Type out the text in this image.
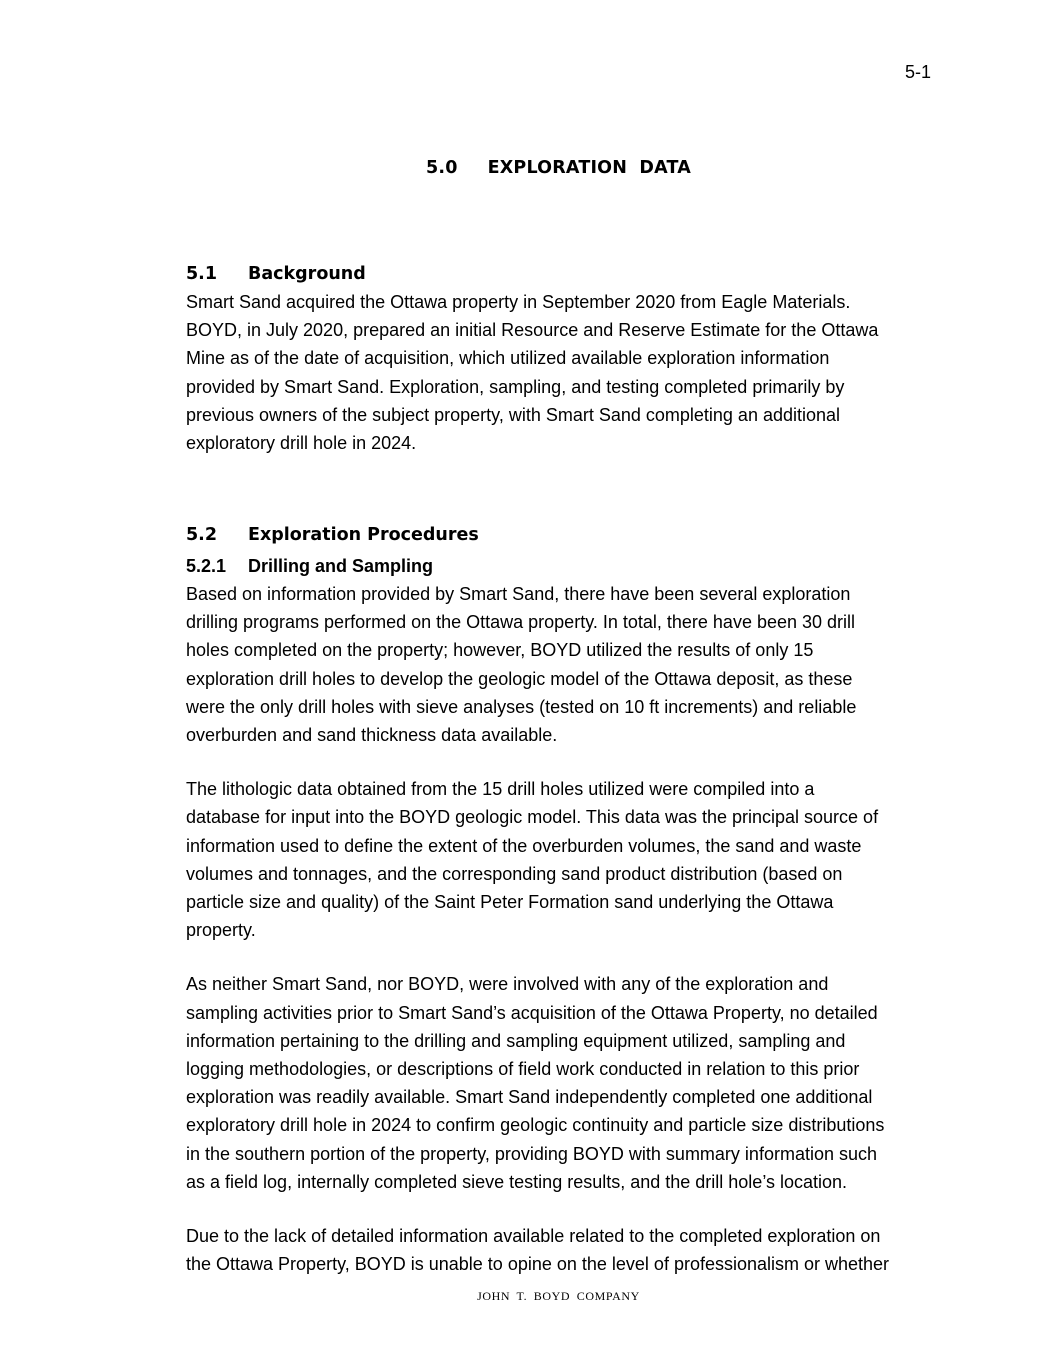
5-1
5.0 EXPLORATION DATA
5.1 Background
Smart Sand acquired the Ottawa property in September 2020 from Eagle Materials.
BOYD, in July 2020, prepared an initial Resource and Reserve Estimate for the Ottawa
Mine as of the date of acquisition, which utilized available exploration information
provided by Smart Sand. Exploration, sampling, and testing completed primarily by
previous owners of the subject property, with Smart Sand completing an additional
exploratory drill hole in 2024.
5.2 Exploration Procedures
5.2.1 Drilling and Sampling
Based on information provided by Smart Sand, there have been several exploration
drilling programs performed on the Ottawa property. In total, there have been 30 drill
holes completed on the property; however, BOYD utilized the results of only 15
exploration drill holes to develop the geologic model of the Ottawa deposit, as these
were the only drill holes with sieve analyses (tested on 10 ft increments) and reliable
overburden and sand thickness data available.
The lithologic data obtained from the 15 drill holes utilized were compiled into a
database for input into the BOYD geologic model. This data was the principal source of
information used to define the extent of the overburden volumes, the sand and waste
volumes and tonnages, and the corresponding sand product distribution (based on
particle size and quality) of the Saint Peter Formation sand underlying the Ottawa
property.
As neither Smart Sand, nor BOYD, were involved with any of the exploration and
sampling activities prior to Smart Sand’s acquisition of the Ottawa Property, no detailed
information pertaining to the drilling and sampling equipment utilized, sampling and
logging methodologies, or descriptions of field work conducted in relation to this prior
exploration was readily available. Smart Sand independently completed one additional
exploratory drill hole in 2024 to confirm geologic continuity and particle size distributions
in the southern portion of the property, providing BOYD with summary information such
as a field log, internally completed sieve testing results, and the drill hole’s location.
Due to the lack of detailed information available related to the completed exploration on
the Ottawa Property, BOYD is unable to opine on the level of professionalism or whether
JOHN T. BOYD COMPANY
